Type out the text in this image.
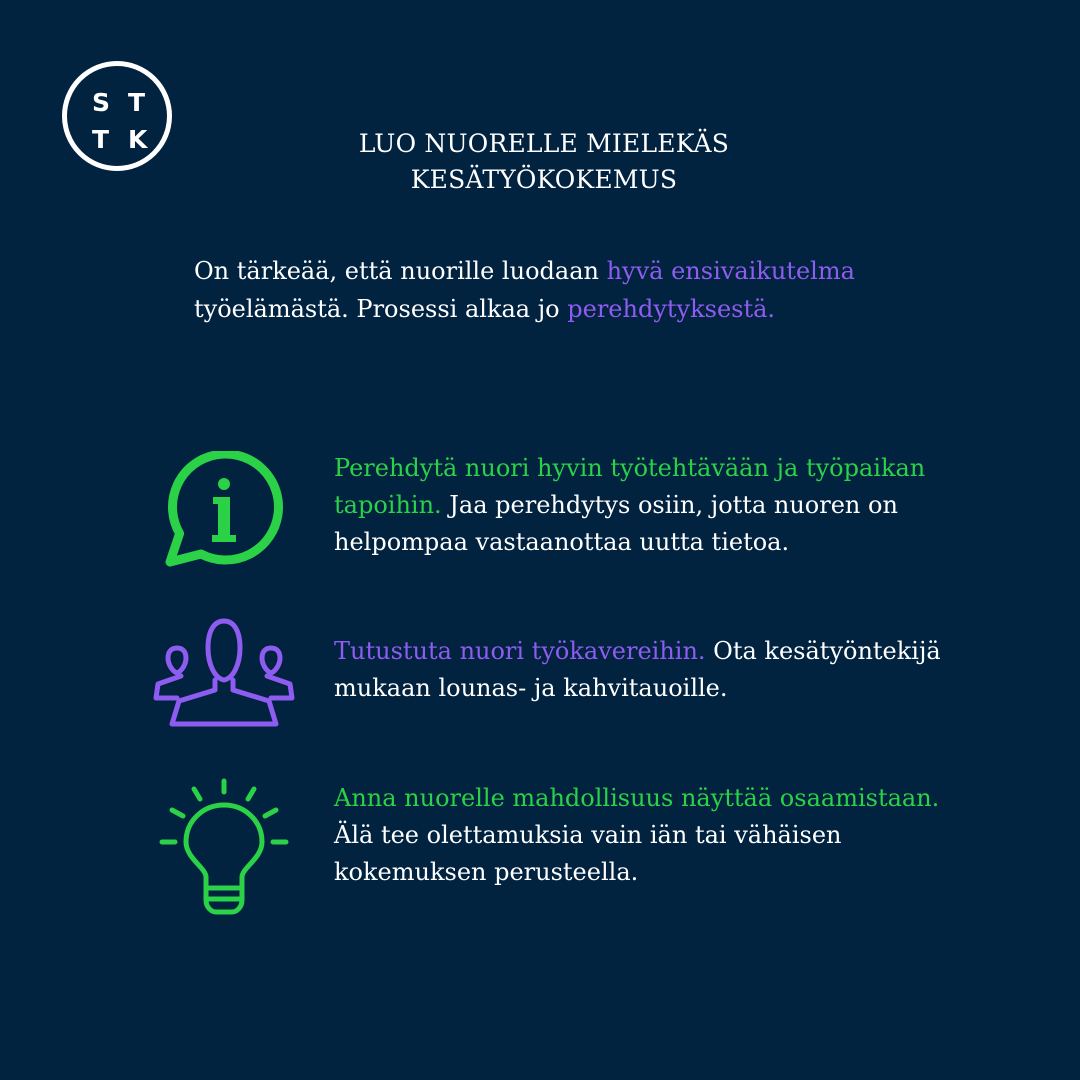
S T
T K	LUO NUORELLE MIELEKÄS
KESÄTYÖKOKEMUS
On tärkeää, että nuorille luodaan hyvä ensivaikutelma
työelämästä. Prosessi alkaa jo perehdytyksestä.
Perehdytä nuori hyvin työtehtävään ja työpaikan
tapoihin. Jaa perehdytys osiin, jotta nuoren on
helpompaa vastaanottaa uutta tietoa.
Tutustuta nuori työkavereihin. Ota kesätyöntekijä
mukaan lounas- ja kahvitauoille.
Anna nuorelle mahdollisuus näyttää osaamistaan.
Älä tee olettamuksia vain iän tai vähäisen
kokemuksen perusteella.
